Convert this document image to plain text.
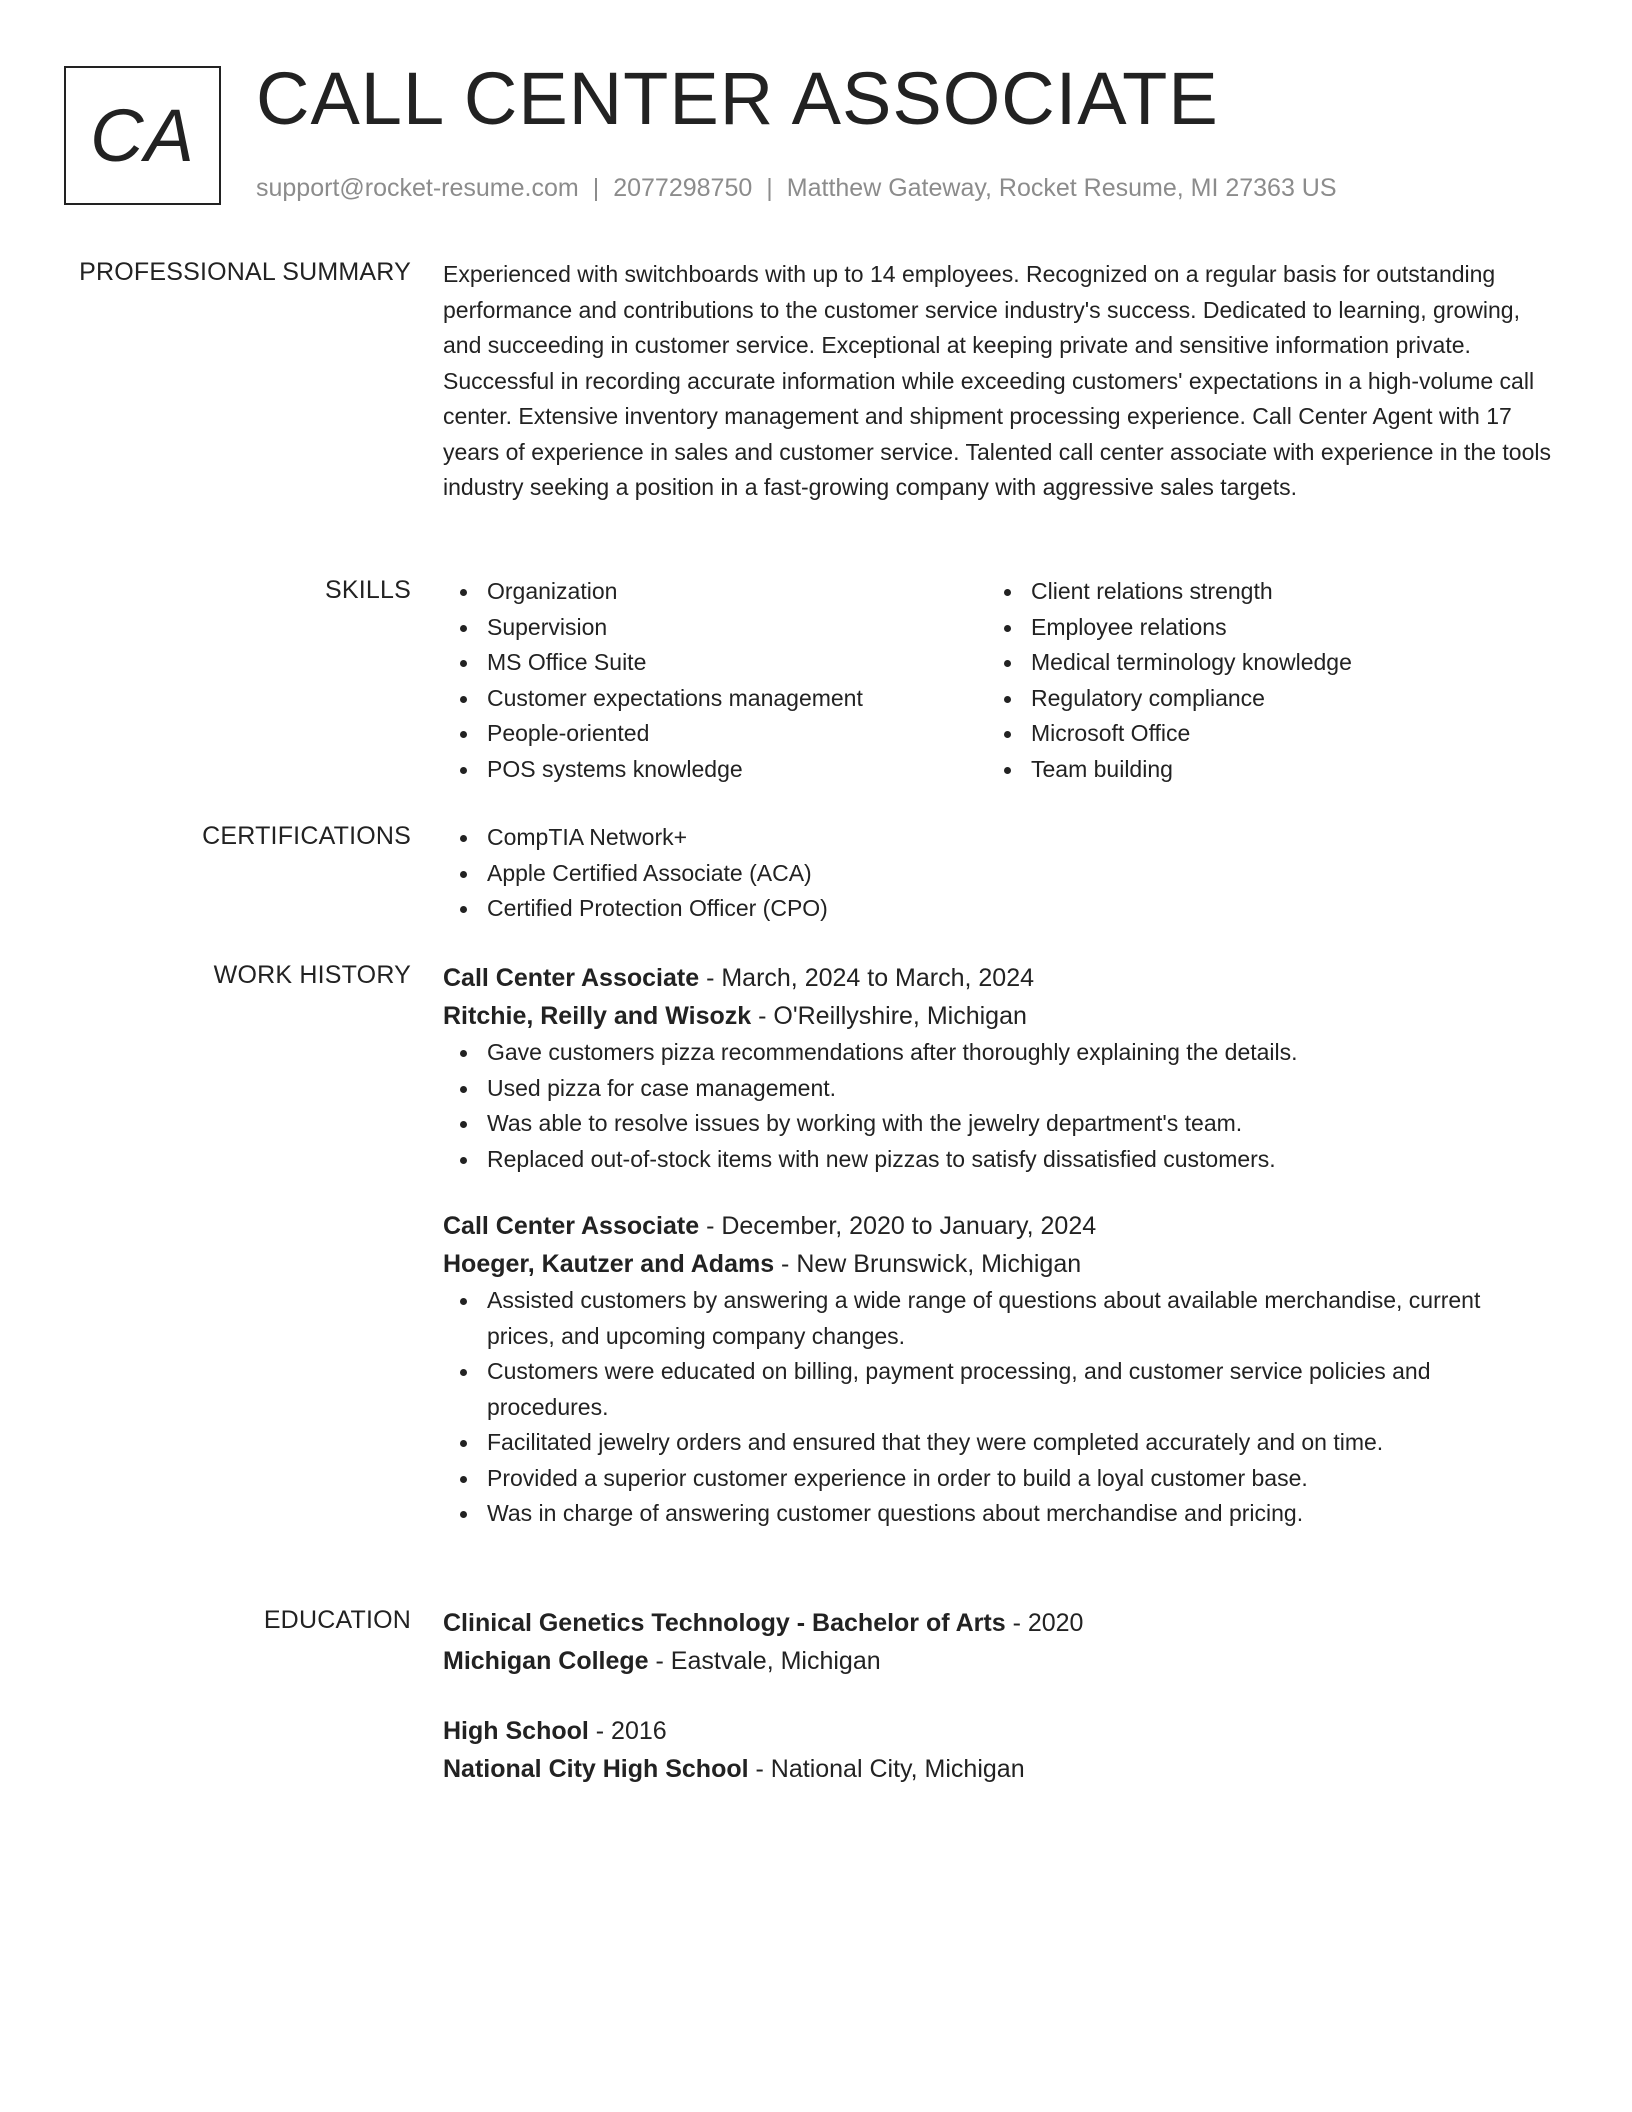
CA CALL CENTER ASSOCIATE
support@rocket-resume.com | 2077298750 | Matthew Gateway, Rocket Resume, MI 27363 US
PROFESSIONAL SUMMARY Experienced with switchboards with up to 14 employees. Recognized on a regular basis for outstanding performance and contributions to the customer service industry's success. Dedicated to learning, growing, and succeeding in customer service. Exceptional at keeping private and sensitive information private. Successful in recording accurate information while exceeding customers' expectations in a high-volume call center. Extensive inventory management and shipment processing experience. Call Center Agent with 17 years of experience in sales and customer service. Talented call center associate with experience in the tools industry seeking a position in a fast-growing company with aggressive sales targets.

SKILLS	Organization
Supervision
MS Office Suite
Customer expectations management
People-oriented
POS systems knowledge
Client relations strength
Employee relations
Medical terminology knowledge
Regulatory compliance
Microsoft Office
Team building
CERTIFICATIONS	CompTIA Network+
Apple Certified Associate (ACA)
Certified Protection Officer (CPO)
WORK HISTORY Call Center Associate - March, 2024 to March, 2024
Ritchie, Reilly and Wisozk - O'Reillyshire, Michigan
Gave customers pizza recommendations after thoroughly explaining the details.
Used pizza for case management.
Was able to resolve issues by working with the jewelry department's team.
Replaced out-of-stock items with new pizzas to satisfy dissatisfied customers.
Call Center Associate - December, 2020 to January, 2024
Hoeger, Kautzer and Adams - New Brunswick, Michigan
Assisted customers by answering a wide range of questions about available merchandise, current prices, and upcoming company changes.
Customers were educated on billing, payment processing, and customer service policies and procedures.
Facilitated jewelry orders and ensured that they were completed accurately and on time.
Provided a superior customer experience in order to build a loyal customer base.
Was in charge of answering customer questions about merchandise and pricing.
EDUCATION Clinical Genetics Technology - Bachelor of Arts - 2020
Michigan College - Eastvale, Michigan
High School - 2016
National City High School - National City, Michigan
